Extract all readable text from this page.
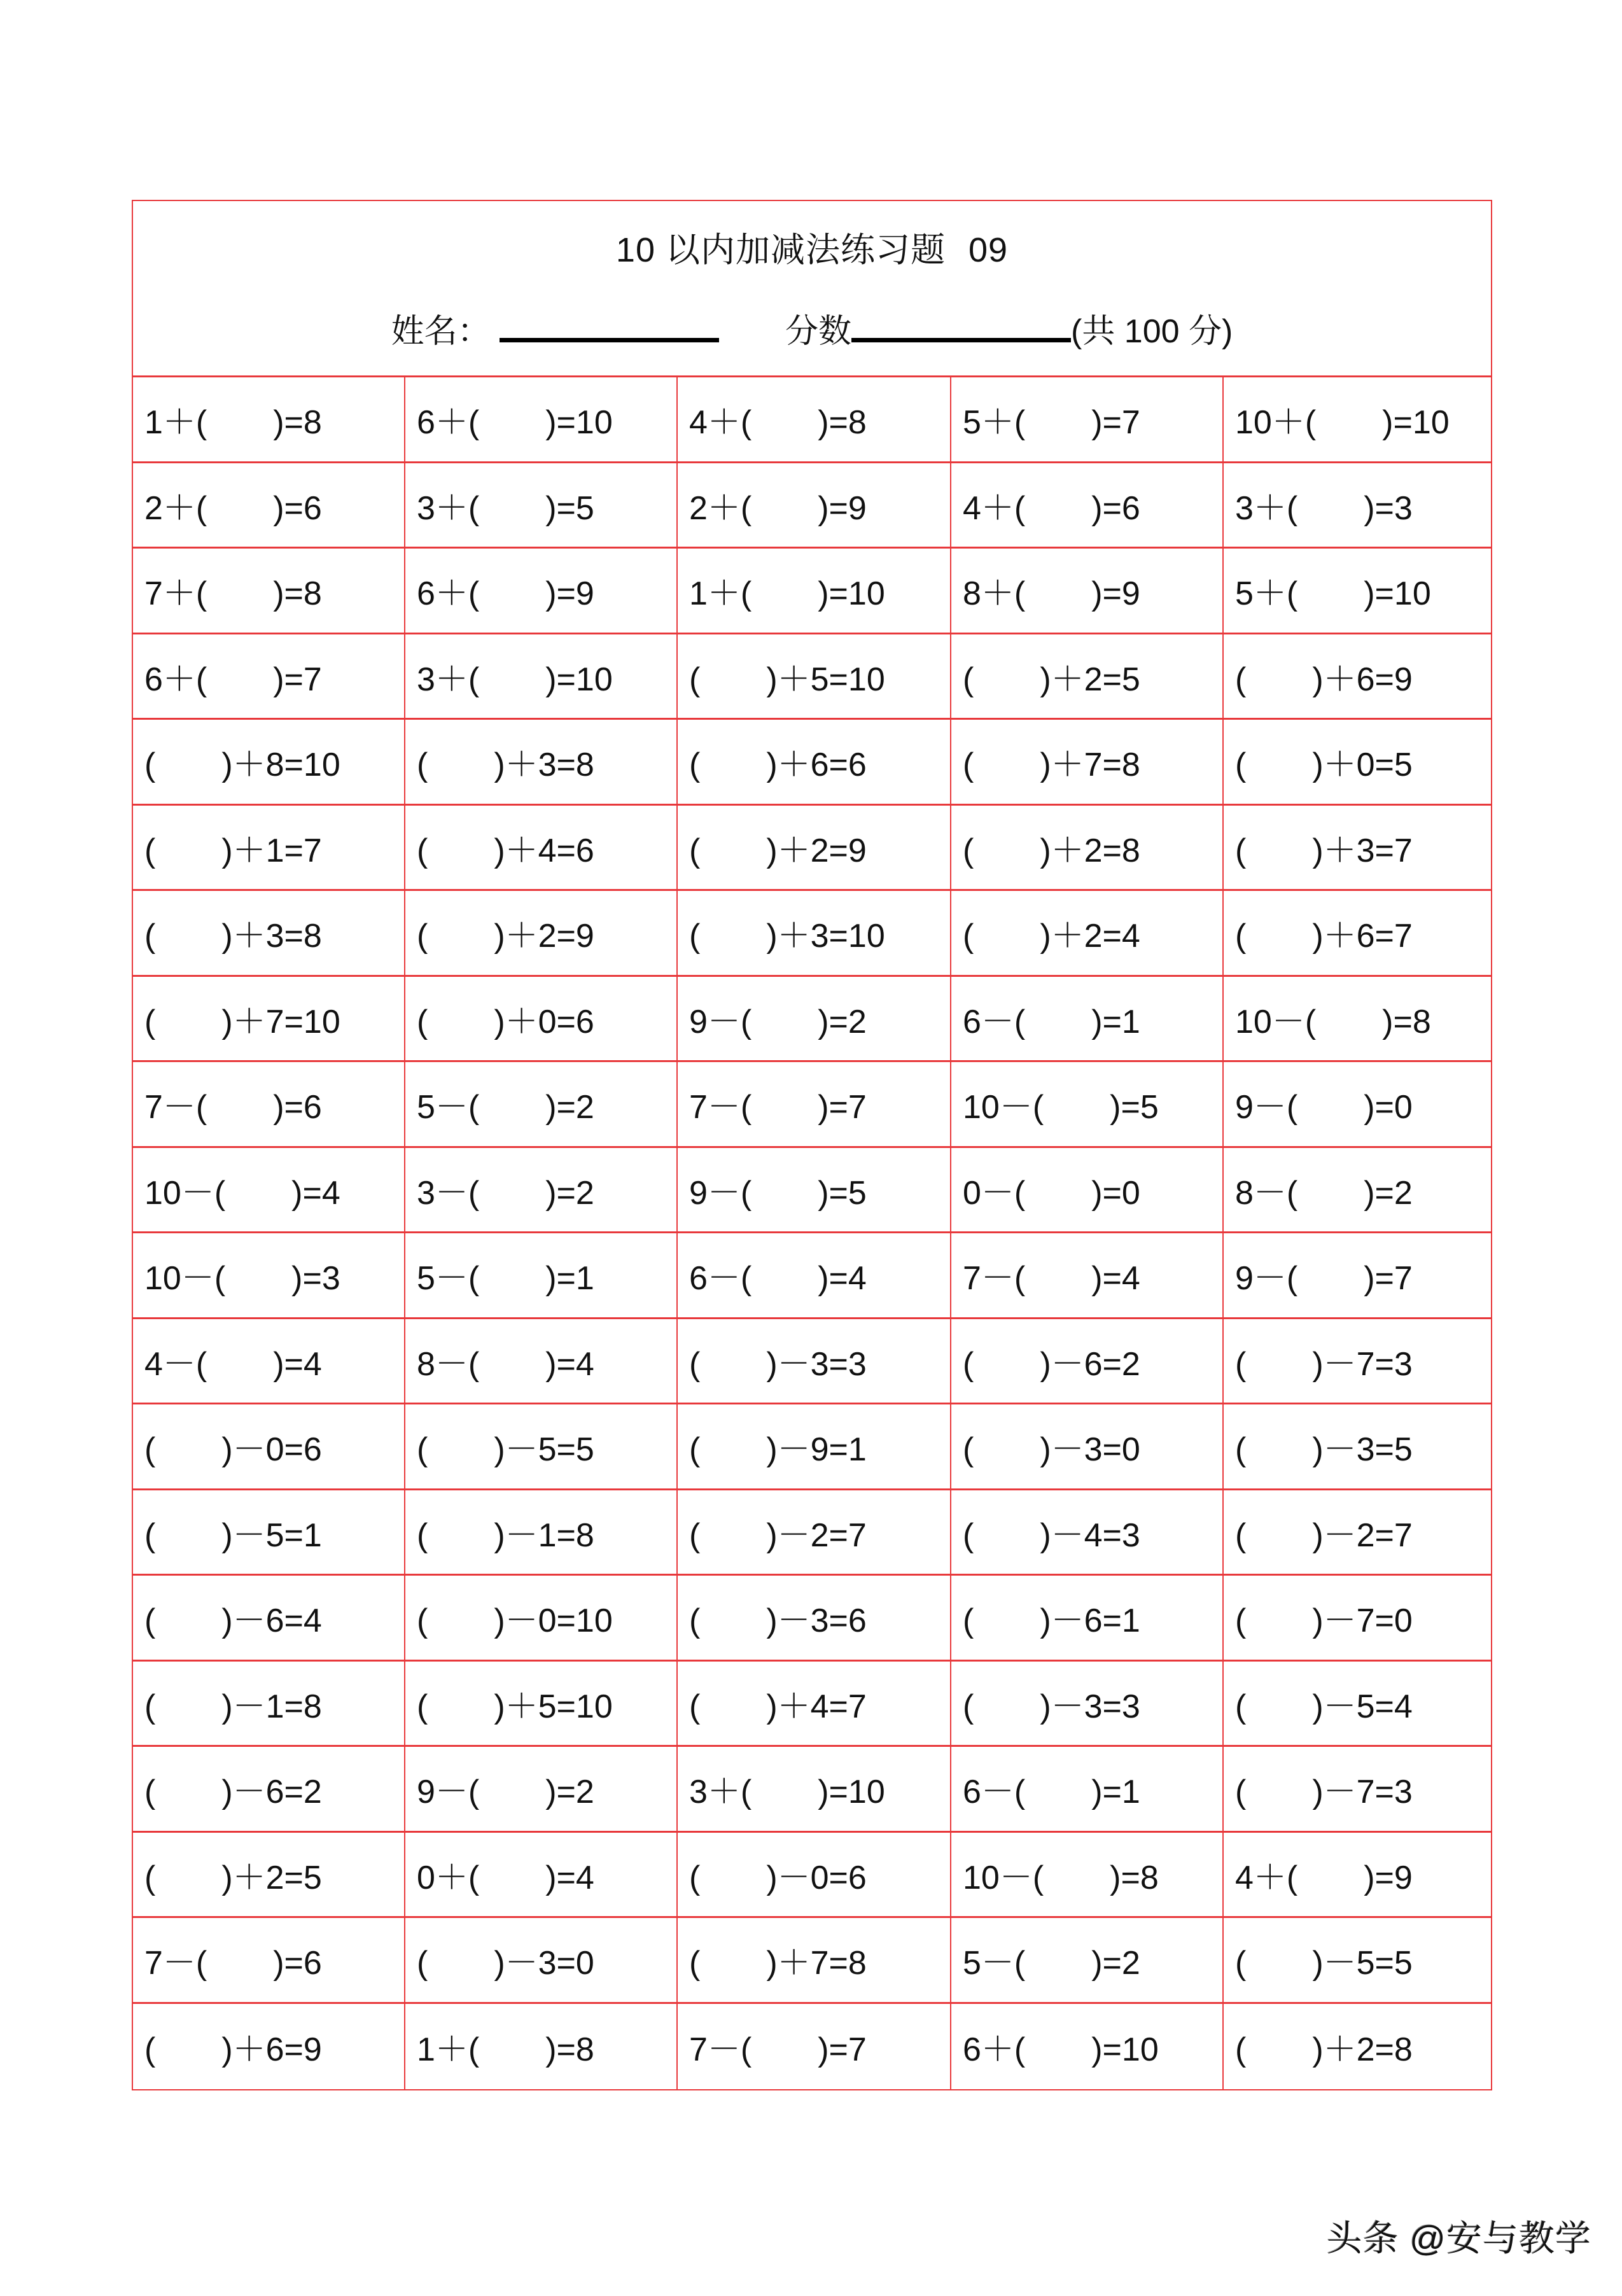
10 以内加减法练习题 09
姓名：	分数	(共 100 分)
1＋(　　)=8	6＋(　　)=10	4＋(　　)=8	5＋(　　)=7	10＋(　　)=10
2＋(　　)=6	3＋(　　)=5	2＋(　　)=9	4＋(　　)=6	3＋(　　)=3
7＋(　　)=8	6＋(　　)=9	1＋(　　)=10	8＋(　　)=9	5＋(　　)=10
6＋(　　)=7	3＋(　　)=10	(　　)＋5=10	(　　)＋2=5	(　　)＋6=9
(　　)＋8=10	(　　)＋3=8	(　　)＋6=6	(　　)＋7=8	(　　)＋0=5
(　　)＋1=7	(　　)＋4=6	(　　)＋2=9	(　　)＋2=8	(　　)＋3=7
(　　)＋3=8	(　　)＋2=9	(　　)＋3=10	(　　)＋2=4	(　　)＋6=7
(　　)＋7=10	(　　)＋0=6	9－(　　)=2	6－(　　)=1	10－(　　)=8
7－(　　)=6	5－(　　)=2	7－(　　)=7	10－(　　)=5	9－(　　)=0
10－(　　)=4	3－(　　)=2	9－(　　)=5	0－(　　)=0	8－(　　)=2
10－(　　)=3	5－(　　)=1	6－(　　)=4	7－(　　)=4	9－(　　)=7
4－(　　)=4	8－(　　)=4	(　　)－3=3	(　　)－6=2	(　　)－7=3
(　　)－0=6	(　　)－5=5	(　　)－9=1	(　　)－3=0	(　　)－3=5
(　　)－5=1	(　　)－1=8	(　　)－2=7	(　　)－4=3	(　　)－2=7
(　　)－6=4	(　　)－0=10	(　　)－3=6	(　　)－6=1	(　　)－7=0
(　　)－1=8	(　　)＋5=10	(　　)＋4=7	(　　)－3=3	(　　)－5=4
(　　)－6=2	9－(　　)=2	3＋(　　)=10	6－(　　)=1	(　　)－7=3
(　　)＋2=5	0＋(　　)=4	(　　)－0=6	10－(　　)=8	4＋(　　)=9
7－(　　)=6	(　　)－3=0	(　　)＋7=8	5－(　　)=2	(　　)－5=5
(　　)＋6=9	1＋(　　)=8	7－(　　)=7	6＋(　　)=10	(　　)＋2=8
头条 @安与教学
